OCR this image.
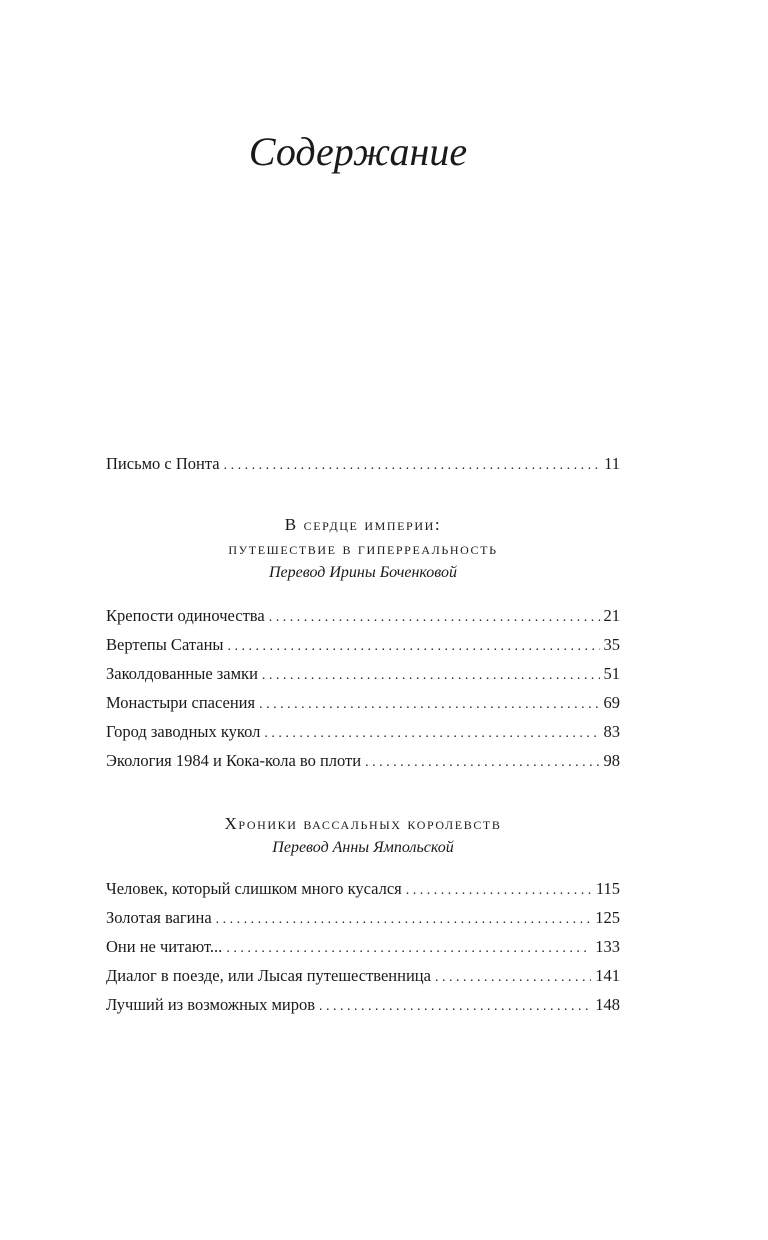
Содержание
Письмо с Понта . . .	11
В сердце империи:
путешествие в гиперреальность
Перевод Ирины Боченковой
Крепости одиночества . . .	21
Вертепы Сатаны . . .	35
Заколдованные замки . . .	51
Монастыри спасения . . .	69
Город заводных кукол . . .	83
Экология 1984 и Кока-кола во плоти . . .	98
Хроники вассальных королевств
Перевод Анны Ямпольской
Человек, который слишком много кусался . . .	115
Золотая вагина . . .	125
Они не читают... . . .	133
Диалог в поезде, или Лысая путешественница . . .	141
Лучший из возможных миров . . .	148
